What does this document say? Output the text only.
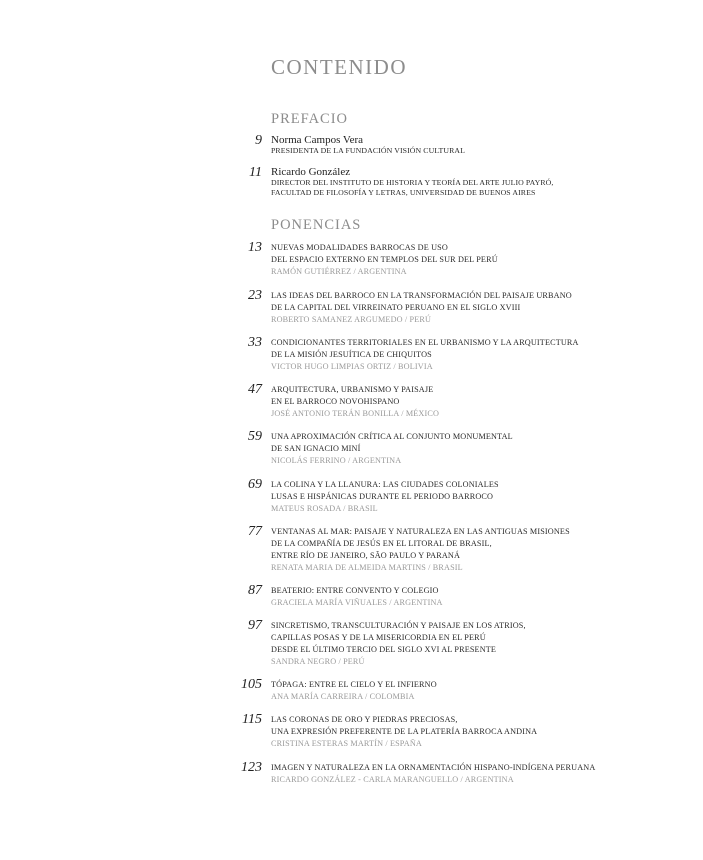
CONTENIDO
PREFACIO
9 Norma Campos Vera
PRESIDENTA DE LA FUNDACIÓN VISIÓN CULTURAL
11 Ricardo González
DIRECTOR DEL INSTITUTO DE HISTORIA Y TEORÍA DEL ARTE JULIO PAYRÓ,
FACULTAD DE FILOSOFÍA Y LETRAS, UNIVERSIDAD DE BUENOS AIRES
PONENCIAS
13 NUEVAS MODALIDADES BARROCAS DE USO
DEL ESPACIO EXTERNO EN TEMPLOS DEL SUR DEL PERÚ
RAMÓN GUTIÉRREZ / ARGENTINA
23 LAS IDEAS DEL BARROCO EN LA TRANSFORMACIÓN DEL PAISAJE URBANO
DE LA CAPITAL DEL VIRREINATO PERUANO EN EL SIGLO XVIII
ROBERTO SAMANEZ ARGUMEDO / PERÚ
33 CONDICIONANTES TERRITORIALES EN EL URBANISMO Y LA ARQUITECTURA
DE LA MISIÓN JESUÍTICA DE CHIQUITOS
VICTOR HUGO LIMPIAS ORTIZ / BOLIVIA
47 ARQUITECTURA, URBANISMO Y PAISAJE
EN EL BARROCO NOVOHISPANO
JOSÉ ANTONIO TERÁN BONILLA / MÉXICO
59 UNA APROXIMACIÓN CRÍTICA AL CONJUNTO MONUMENTAL
DE SAN IGNACIO MINÍ
NICOLÁS FERRINO / ARGENTINA
69 LA COLINA Y LA LLANURA: LAS CIUDADES COLONIALES
LUSAS E HISPÁNICAS DURANTE EL PERIODO BARROCO
MATEUS ROSADA / BRASIL
77 VENTANAS AL MAR: PAISAJE Y NATURALEZA EN LAS ANTIGUAS MISIONES
DE LA COMPAÑÍA DE JESÚS EN EL LITORAL DE BRASIL,
ENTRE RÍO DE JANEIRO, SÃO PAULO Y PARANÁ
RENATA MARIA DE ALMEIDA MARTINS / BRASIL
87 BEATERIO: ENTRE CONVENTO Y COLEGIO
GRACIELA MARÍA VIÑUALES / ARGENTINA
97 SINCRETISMO, TRANSCULTURACIÓN Y PAISAJE EN LOS ATRIOS,
CAPILLAS POSAS Y DE LA MISERICORDIA EN EL PERÚ
DESDE EL ÚLTIMO TERCIO DEL SIGLO XVI AL PRESENTE
SANDRA NEGRO / PERÚ
105 TÓPAGA: ENTRE EL CIELO Y EL INFIERNO
ANA MARÍA CARREIRA / COLOMBIA
115 LAS CORONAS DE ORO Y PIEDRAS PRECIOSAS,
UNA EXPRESIÓN PREFERENTE DE LA PLATERÍA BARROCA ANDINA
CRISTINA ESTERAS MARTÍN / ESPAÑA
123 IMAGEN Y NATURALEZA EN LA ORNAMENTACIÓN HISPANO-INDÍGENA PERUANA
RICARDO GONZÁLEZ - CARLA MARANGUELLO / ARGENTINA
